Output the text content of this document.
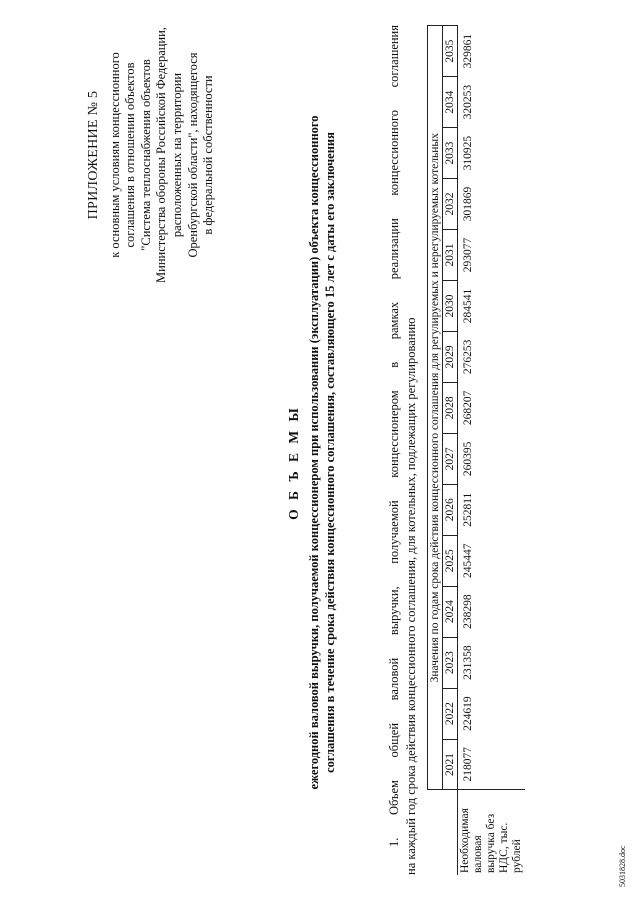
ПРИЛОЖЕНИЕ № 5 к основным условиям концессионного соглашения в отношении объектов "Система теплоснабжения объектов Министерства обороны Российской Федерации, расположенных на территории Оренбургской области", находящегося в федеральной собственности
О Б Ъ Е М Ы ежегодной валовой выручки, получаемой концессионером при использовании (эксплуатации) объекта концессионного соглашения в течение срока действия концессионного соглашения, составляющего 15 лет с даты его заключения	1. Объем общей валовой выручки, получаемой концессионером в рамках реализации концессионного соглашения на каждый год срока действия концессионного соглашения, для котельных, подлежащих регулированию
	Значения по годам срока действия концессионного соглашения для регулируемых и нерегулируемых котельных														
	2021	2022	2023	2024	2025	2026	2027	2028	2029	2030	2031	2032	2033	2034	2035
Необходимая валовая выручка без НДС, тыс. рублей	218077	224619	231358	238298	245447	252811	260395	268207	276253	284541	293077	301869	310925	320253	329861
5031828.doc
